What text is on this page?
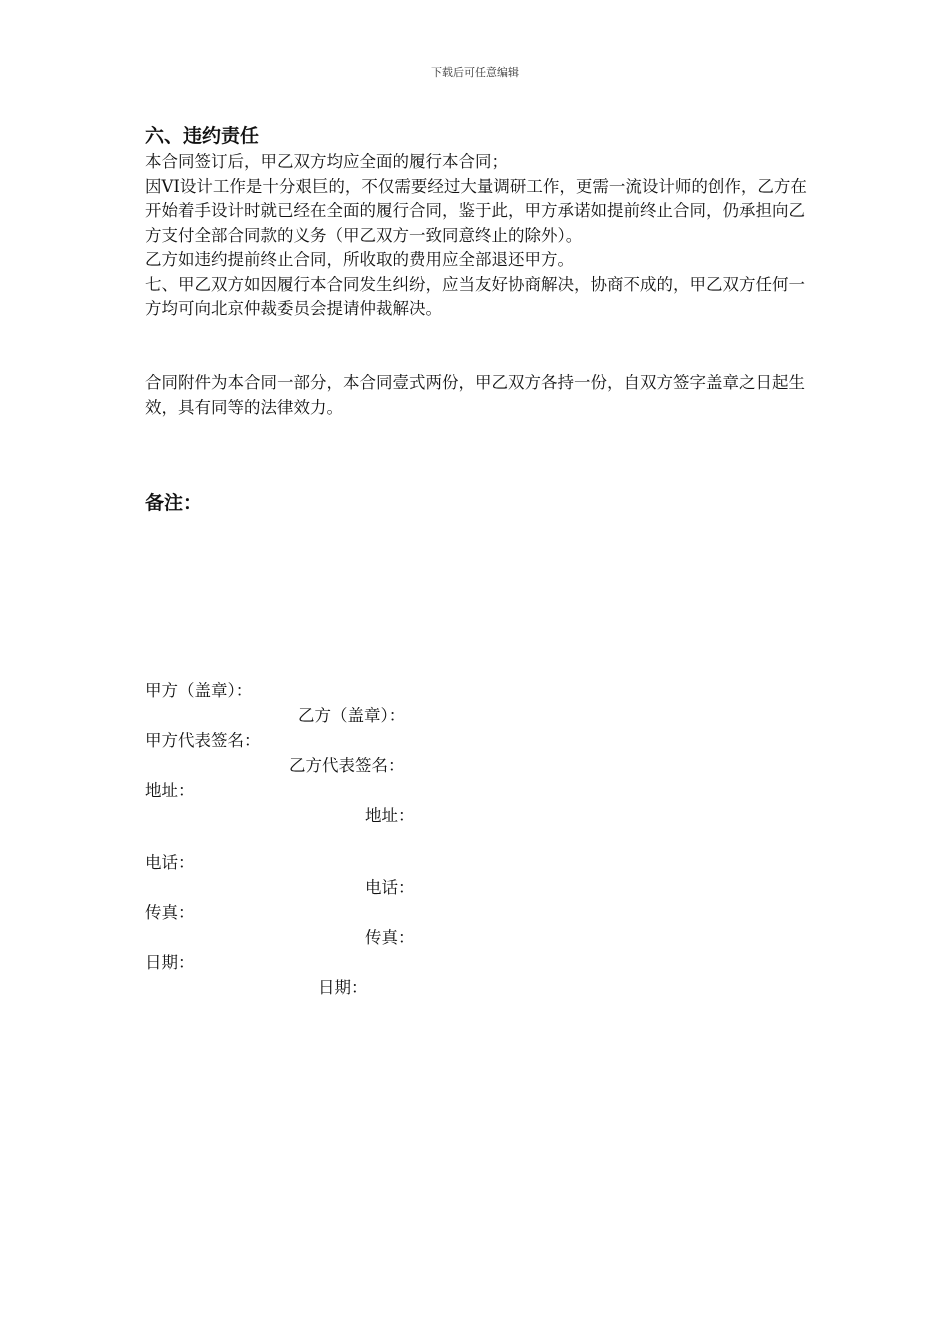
下载后可任意编辑
六、违约责任

本合同签订后，甲乙双方均应全面的履行本合同；

因VI设计工作是十分艰巨的，不仅需要经过大量调研工作，更需一流设计师的创作，乙方在开始着手设计时就已经在全面的履行合同，鉴于此，甲方承诺如提前终止合同，仍承担向乙方支付全部合同款的义务（甲乙双方一致同意终止的除外）。

乙方如违约提前终止合同，所收取的费用应全部退还甲方。

七、甲乙双方如因履行本合同发生纠纷，应当友好协商解决，协商不成的，甲乙双方任何一方均可向北京仲裁委员会提请仲裁解决。

合同附件为本合同一部分，本合同壹式两份，甲乙双方各持一份，自双方签字盖章之日起生效，具有同等的法律效力。

备注：
甲方（盖章）：
乙方（盖章）：
甲方代表签名：
乙方代表签名：
地址：
地址：
电话：
电话：
传真：
传真：
日期：
日期：
